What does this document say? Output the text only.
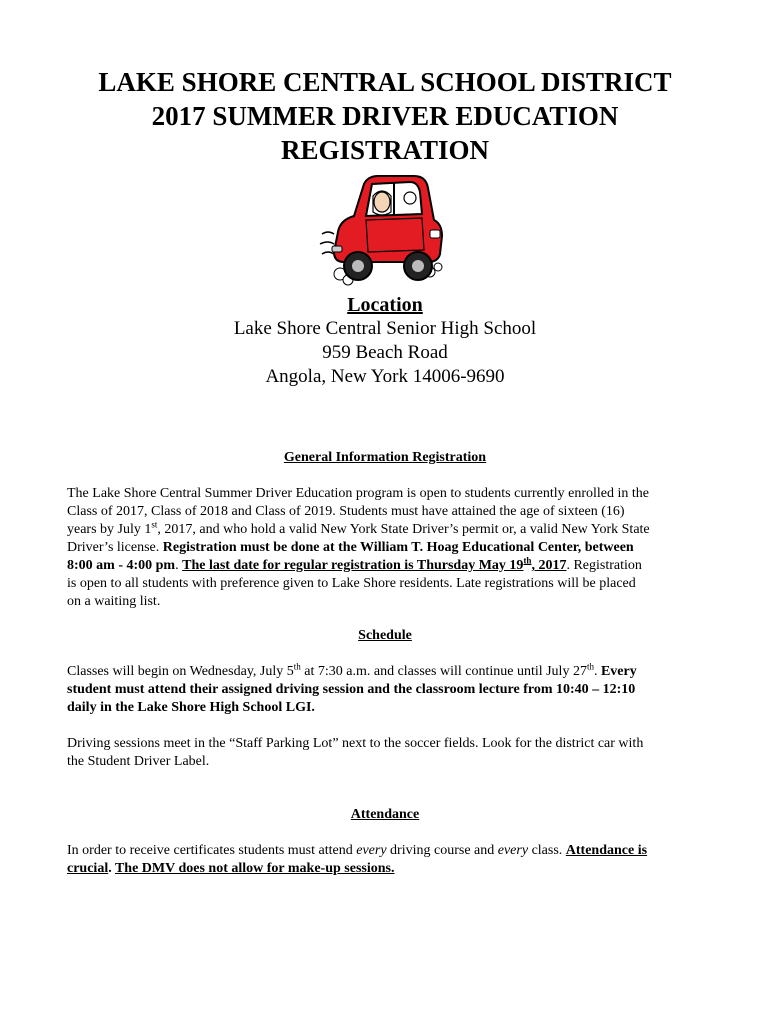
LAKE SHORE CENTRAL SCHOOL DISTRICT
2017 SUMMER DRIVER EDUCATION
REGISTRATION
Location
Lake Shore Central Senior High School
959 Beach Road
Angola, New York 14006-9690
General Information Registration
The Lake Shore Central Summer Driver Education program is open to students currently enrolled in the
Class of 2017, Class of 2018 and Class of 2019. Students must have attained the age of sixteen (16)
years by July 1st, 2017, and who hold a valid New York State Driver’s permit or, a valid New York State
Driver’s license. Registration must be done at the William T. Hoag Educational Center, between
8:00 am - 4:00 pm. The last date for regular registration is Thursday May 19th, 2017. Registration
is open to all students with preference given to Lake Shore residents. Late registrations will be placed
on a waiting list.
Schedule
Classes will begin on Wednesday, July 5th at 7:30 a.m. and classes will continue until July 27th. Every
student must attend their assigned driving session and the classroom lecture from 10:40 – 12:10
daily in the Lake Shore High School LGI.
Driving sessions meet in the “Staff Parking Lot” next to the soccer fields. Look for the district car with
the Student Driver Label.
Attendance
In order to receive certificates students must attend every driving course and every class. Attendance is
crucial. The DMV does not allow for make-up sessions.
